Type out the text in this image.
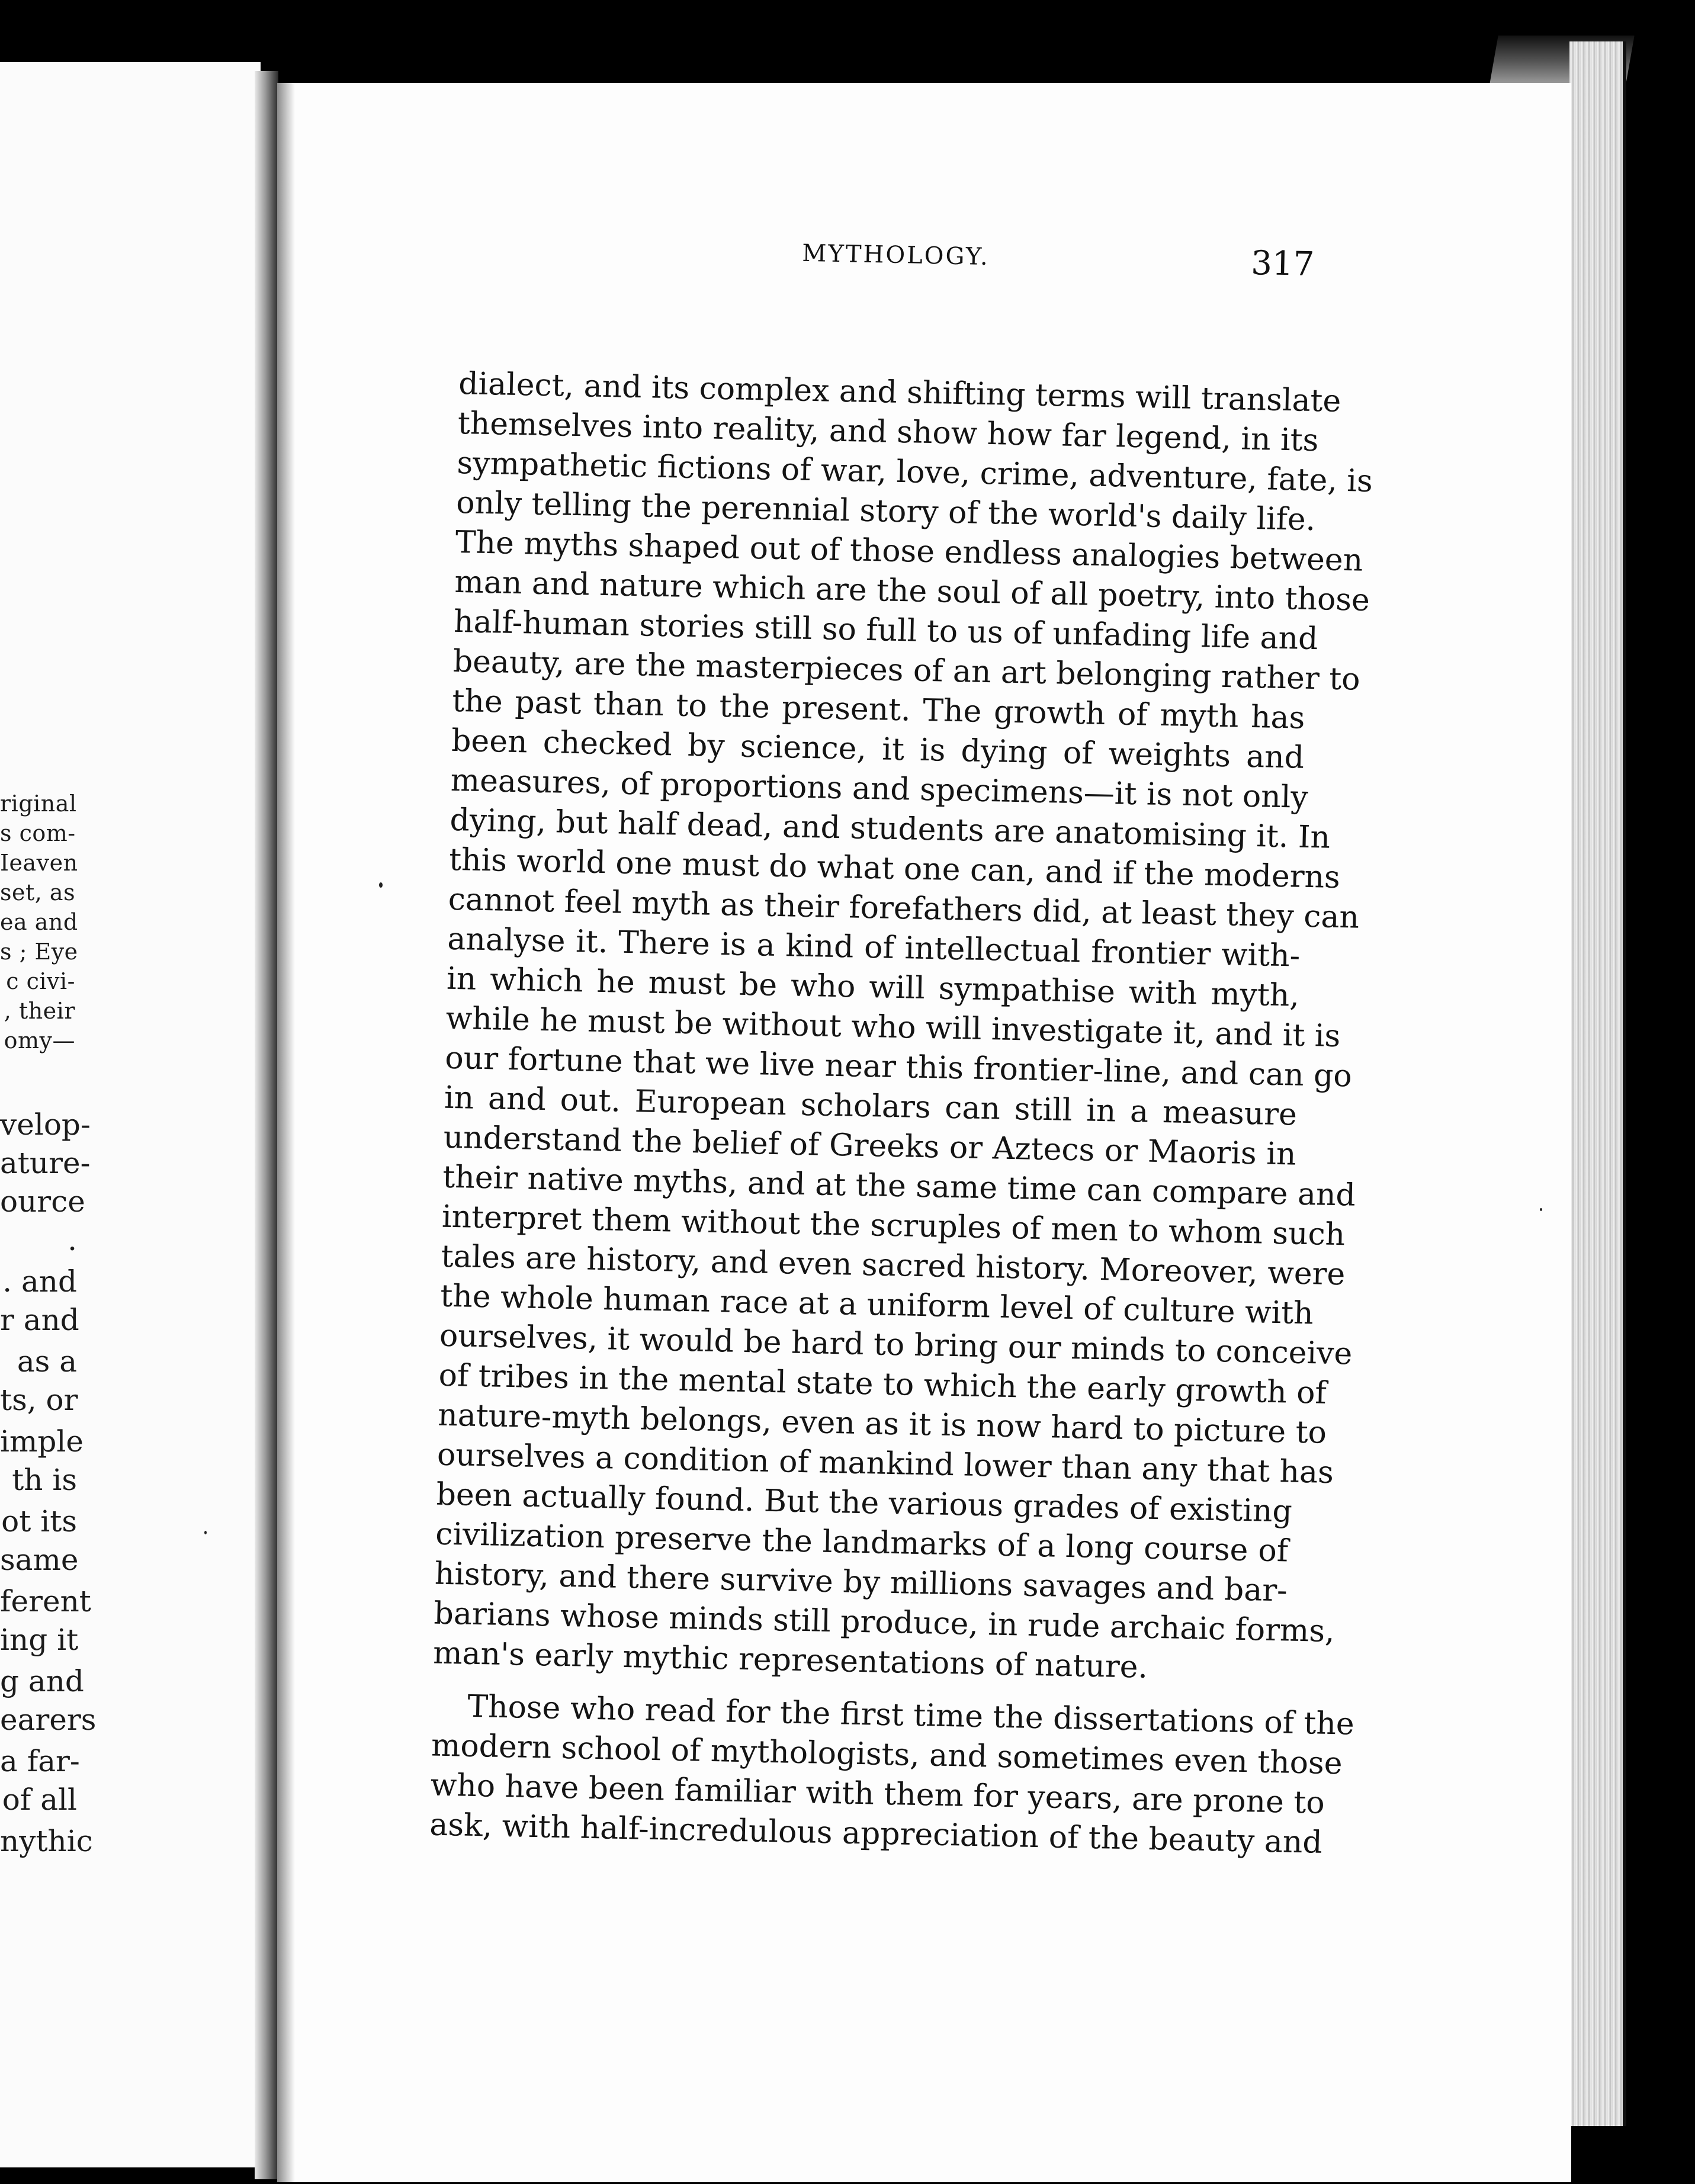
riginal
s com-
Ieaven
set, as
ea and
s ; Eye
c civi-
, their
omy—
velop-
ature-
ource
.
. and
r and
as a
ts, or
imple
th is
ot its
same
ferent
ing it
g and
earers
a far-
of all
nythic
MYTHOLOGY.	317
dialect, and its complex and shifting terms will translate
themselves into reality, and show how far legend, in its
sympathetic fictions of war, love, crime, adventure, fate, is
only telling the perennial story of the world's daily life.
The myths shaped out of those endless analogies between
man and nature which are the soul of all poetry, into those
half-human stories still so full to us of unfading life and
beauty, are the masterpieces of an art belonging rather to
the past than to the present. The growth of myth has
been checked by science, it is dying of weights and
measures, of proportions and specimens—it is not only
dying, but half dead, and students are anatomising it. In
this world one must do what one can, and if the moderns
cannot feel myth as their forefathers did, at least they can
analyse it. There is a kind of intellectual frontier with-
in which he must be who will sympathise with myth,
while he must be without who will investigate it, and it is
our fortune that we live near this frontier-line, and can go
in and out. European scholars can still in a measure
understand the belief of Greeks or Aztecs or Maoris in
their native myths, and at the same time can compare and
interpret them without the scruples of men to whom such
tales are history, and even sacred history. Moreover, were
the whole human race at a uniform level of culture with
ourselves, it would be hard to bring our minds to conceive
of tribes in the mental state to which the early growth of
nature-myth belongs, even as it is now hard to picture to
ourselves a condition of mankind lower than any that has
been actually found. But the various grades of existing
civilization preserve the landmarks of a long course of
history, and there survive by millions savages and bar-
barians whose minds still produce, in rude archaic forms,
man's early mythic representations of nature.
Those who read for the first time the dissertations of the
modern school of mythologists, and sometimes even those
who have been familiar with them for years, are prone to
ask, with half-incredulous appreciation of the beauty and
